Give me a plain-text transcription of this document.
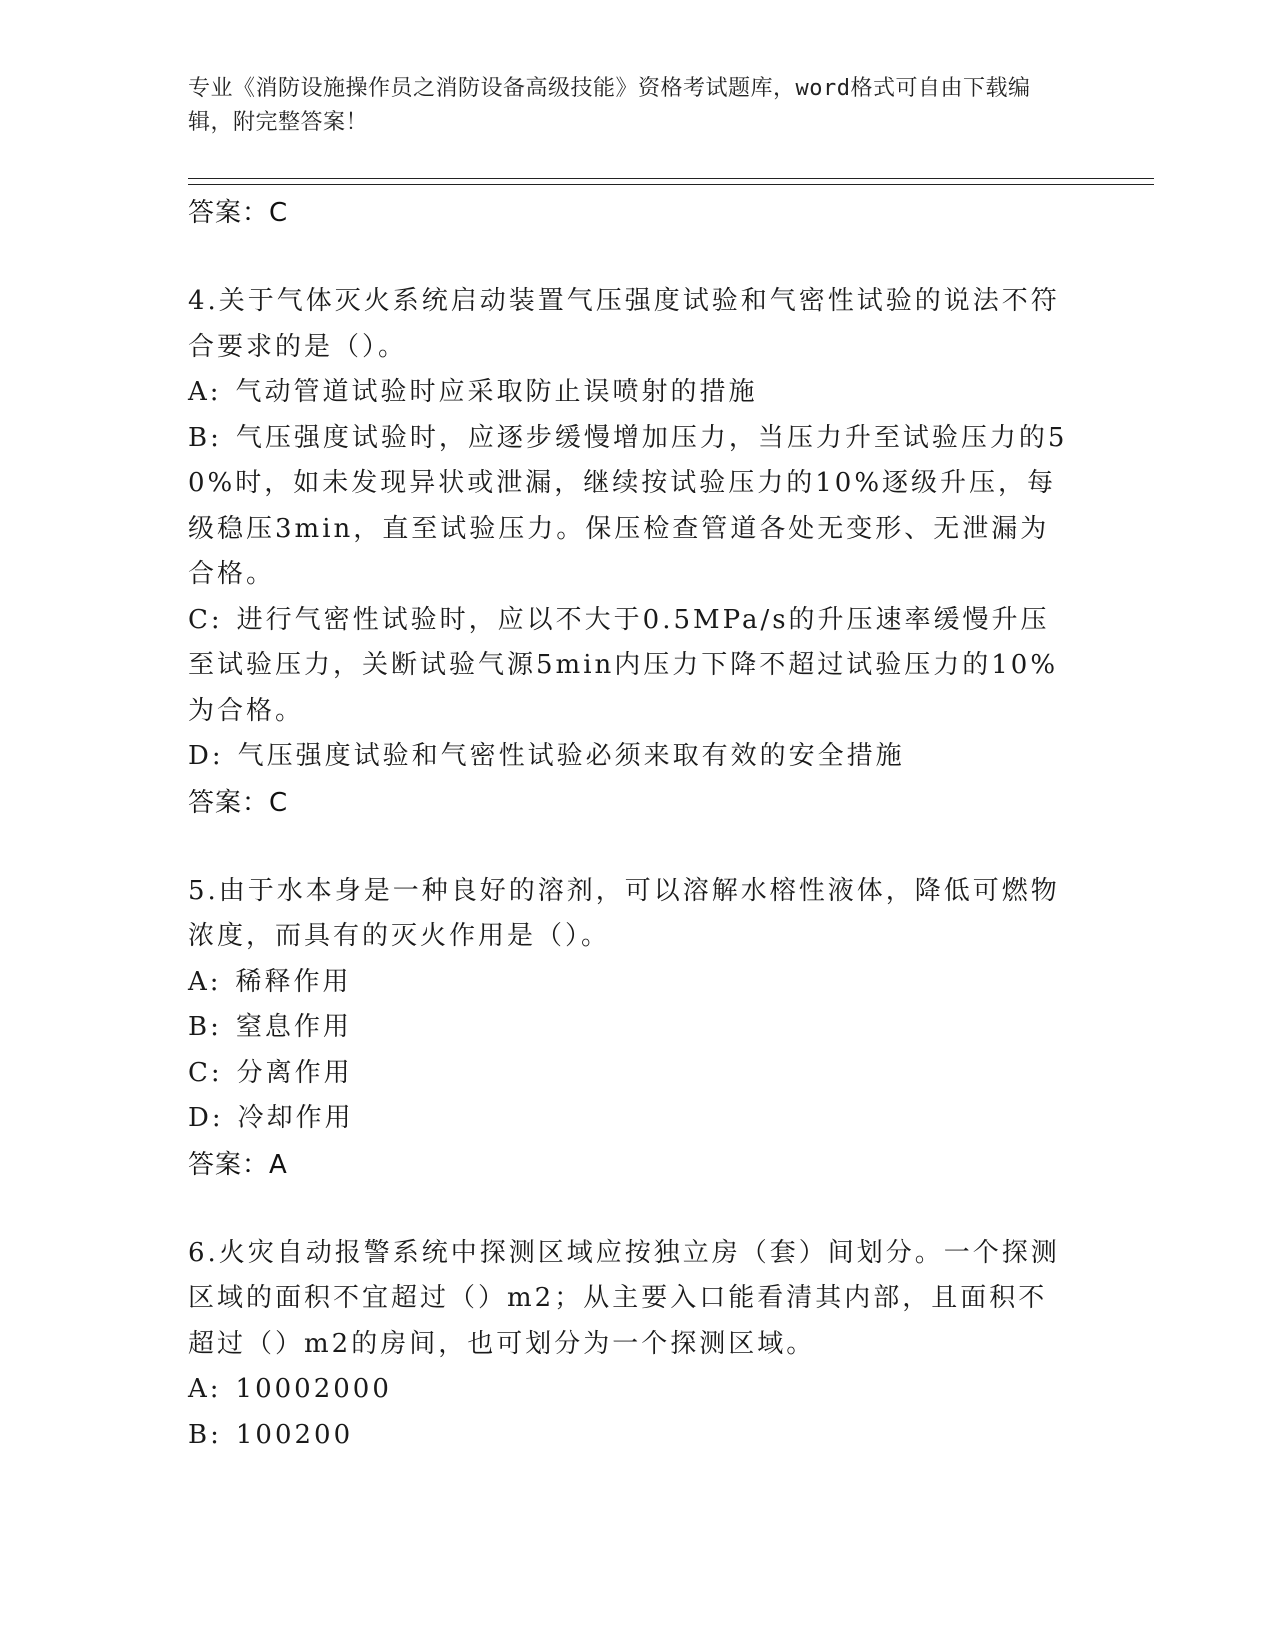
专业《消防设施操作员之消防设备高级技能》资格考试题库，word格式可自由下载编辑，附完整答案！
答案：C
4.关于气体灭火系统启动装置气压强度试验和气密性试验的说法不符合要求的是（）。
A: 气动管道试验时应采取防止误喷射的措施
B: 气压强度试验时，应逐步缓慢增加压力，当压力升至试验压力的50%时，如未发现异状或泄漏，继续按试验压力的10%逐级升压，每级稳压3min，直至试验压力。保压检查管道各处无变形、无泄漏为合格。
C: 进行气密性试验时，应以不大于0.5MPa/s的升压速率缓慢升压至试验压力，关断试验气源5min内压力下降不超过试验压力的10%为合格。
D: 气压强度试验和气密性试验必须来取有效的安全措施
答案：C
5.由于水本身是一种良好的溶剂，可以溶解水榕性液体，降低可燃物浓度，而具有的灭火作用是（）。
A: 稀释作用
B: 窒息作用
C: 分离作用
D: 冷却作用
答案：A
6.火灾自动报警系统中探测区域应按独立房（套）间划分。一个探测区域的面积不宜超过（）m2；从主要入口能看清其内部，且面积不超过（）m2的房间，也可划分为一个探测区域。
A: 10002000
B: 100200
